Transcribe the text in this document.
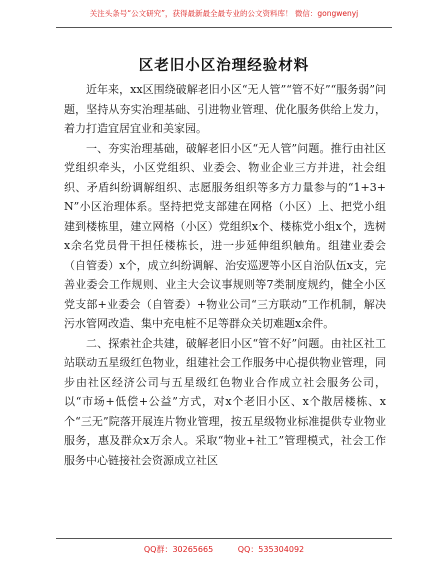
关注头条号“公文研究”，获得最新最全最专业的公文资料库！ 微信：gongwenyj
区老旧小区治理经验材料

近年来，xx区围绕破解老旧小区“无人管”“管不好”“服务弱”问题，坚持从夯实治理基础、引进物业管理、优化服务供给上发力，着力打造宜居宜业和美家园。

一、夯实治理基础，破解老旧小区“无人管”问题。推行由社区党组织牵头，小区党组织、业委会、物业企业三方并进，社会组织、矛盾纠纷调解组织、志愿服务组织等多方力量参与的“1+3+N”小区治理体系。坚持把党支部建在网格（小区）上、把党小组建到楼栋里，建立网格（小区）党组织x个、楼栋党小组x个，选树x余名党员骨干担任楼栋长，进一步延伸组织触角。组建业委会（自管委）x个，成立纠纷调解、治安巡逻等小区自治队伍x支，完善业委会工作规则、业主大会议事规则等7类制度规约，健全小区党支部+业委会（自管委）+物业公司“三方联动”工作机制，解决污水管网改造、集中充电桩不足等群众关切难题x余件。

二、探索社企共建，破解老旧小区“管不好”问题。由社区社工站联动五星级红色物业，组建社会工作服务中心提供物业管理，同步由社区经济公司与五星级红色物业合作成立社会服务公司，以“市场+低偿+公益”方式，对x个老旧小区、x个散居楼栋、x个“三无”院落开展连片物业管理，按五星级物业标准提供专业物业服务，惠及群众x万余人。采取“物业+社工”管理模式，社会工作服务中心链接社会资源成立社区

QQ群：30265665	QQ：535304092
